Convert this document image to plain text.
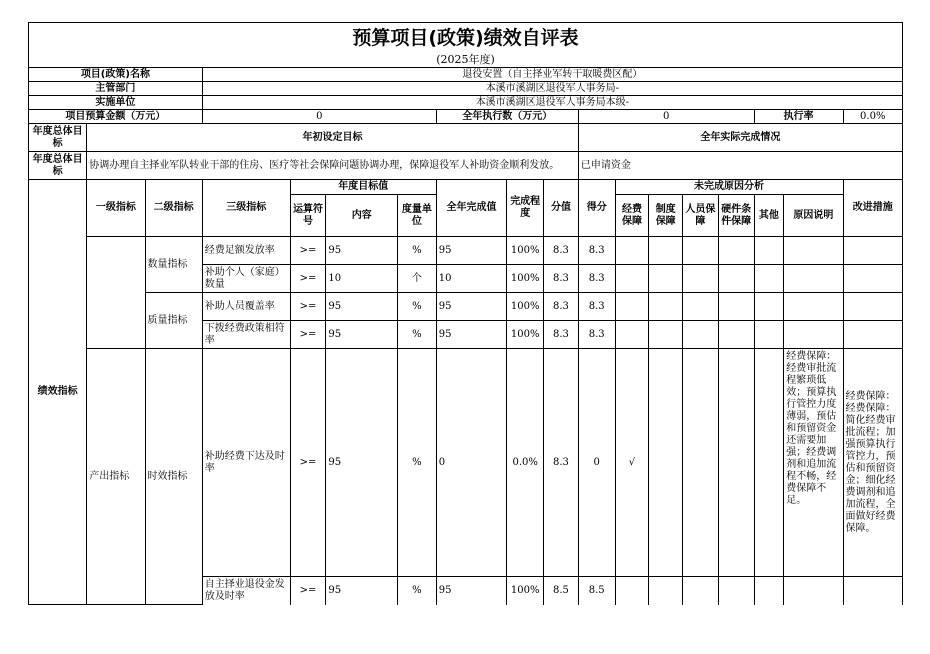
预算项目(政策)绩效自评表
(2025年度)
项目(政策)名称			退役安置（自主择业军转干取暖费区配）														
主管部门			本溪市溪湖区退役军人事务局-														
实施单位			本溪市溪湖区退役军人事务局本级-														
项目预算金额（万元）			0				全年执行数（万元）			0					执行率		0.0%
年度总体目标	年初设定目标									全年实际完成情况							
年度总体目标	协调办理自主择业军队转业干部的住房、医疗等社会保障问题协调办理，保障退役军人补助资金顺利发放。									已申请资金							
绩效指标	一级指标	二级指标	三级指标	年度目标值			全年完成值	完成程度	分值	得分	未完成原因分析						改进措施
				运算符号	内容	度量单位					经费保障	制度保障	人员保障	硬件条件保障	其他	原因说明	
		数量指标	经费足额发放率	>=	95	%	95	100%	8.3	8.3							
			补助个人（家庭）数量	>=	10	个	10	100%	8.3	8.3							
		质量指标	补助人员覆盖率	>=	95	%	95	100%	8.3	8.3							
			下拨经费政策相符率	>=	95	%	95	100%	8.3	8.3							
	产出指标	时效指标	补助经费下达及时率	>=	95	%	0	0.0%	8.3	0	√					经费保障：经费审批流程繁琐低效；预算执行管控力度薄弱，预估和预留资金还需要加强；经费调剂和追加流程不畅，经费保障不足。	经费保障：经费保障：简化经费审批流程；加强预算执行管控力，预估和预留资金；细化经费调剂和追加流程，全面做好经费保障。
			自主择业退役金发放及时率	>=	95	%	95	100%	8.5	8.5							
